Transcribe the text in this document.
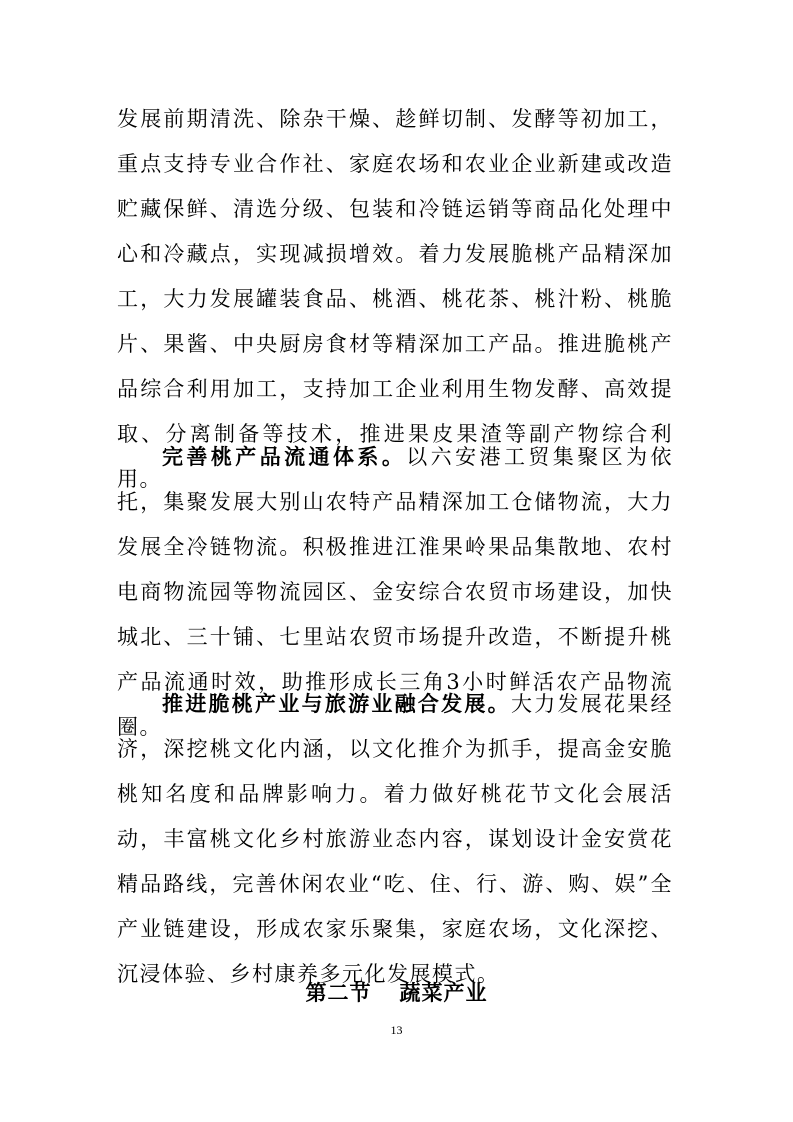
发展前期清洗、除杂干燥、趁鲜切制、发酵等初加工，重点支持专业合作社、家庭农场和农业企业新建或改造贮藏保鲜、清选分级、包装和冷链运销等商品化处理中心和冷藏点，实现减损增效。着力发展脆桃产品精深加工，大力发展罐装食品、桃酒、桃花茶、桃汁粉、桃脆片、果酱、中央厨房食材等精深加工产品。推进脆桃产品综合利用加工，支持加工企业利用生物发酵、高效提取、分离制备等技术，推进果皮果渣等副产物综合利用。

完善桃产品流通体系。以六安港工贸集聚区为依托，集聚发展大别山农特产品精深加工仓储物流，大力发展全冷链物流。积极推进江淮果岭果品集散地、农村电商物流园等物流园区、金安综合农贸市场建设，加快城北、三十铺、七里站农贸市场提升改造，不断提升桃产品流通时效，助推形成长三角3小时鲜活农产品物流圈。

推进脆桃产业与旅游业融合发展。大力发展花果经济，深挖桃文化内涵，以文化推介为抓手，提高金安脆桃知名度和品牌影响力。着力做好桃花节文化会展活动，丰富桃文化乡村旅游业态内容，谋划设计金安赏花精品路线，完善休闲农业“吃、住、行、游、购、娱”全产业链建设，形成农家乐聚集，家庭农场，文化深挖、沉浸体验、乡村康养多元化发展模式。

第二节 蔬菜产业
13
